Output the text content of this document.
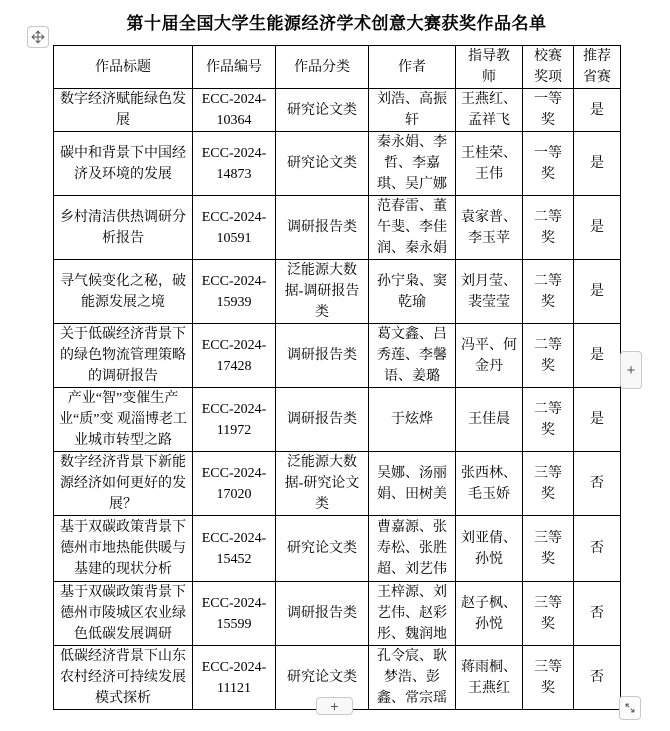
第十届全国大学生能源经济学术创意大赛获奖作品名单
作品标题	作品编号	作品分类	作者	指导教师	校赛奖项	推荐省赛
数字经济赋能绿色发展	ECC-2024-10364	研究论文类	刘浩、高振轩	王燕红、孟祥飞	一等奖	是
碳中和背景下中国经济及环境的发展	ECC-2024-14873	研究论文类	秦永娟、李哲、李嘉琪、吴广娜	王桂荣、王伟	一等奖	是
乡村清洁供热调研分析报告	ECC-2024-10591	调研报告类	范春雷、董午斐、李佳润、秦永娟	袁家普、李玉苹	二等奖	是
寻气候变化之秘，破能源发展之境	ECC-2024-15939	泛能源大数据-调研报告类	孙宁枭、窦乾瑜	刘月莹、裴莹莹	二等奖	是
关于低碳经济背景下的绿色物流管理策略的调研报告	ECC-2024-17428	调研报告类	葛文鑫、吕秀莲、李馨语、姜璐	冯平、何金丹	二等奖	是
产业“智”变催生产业“质”变 观淄博老工业城市转型之路	ECC-2024-11972	调研报告类	于炫烨	王佳晨	二等奖	是
数字经济背景下新能源经济如何更好的发展？	ECC-2024-17020	泛能源大数据-研究论文类	吴娜、汤丽娟、田树美	张西林、毛玉娇	三等奖	否
基于双碳政策背景下德州市地热能供暖与基建的现状分析	ECC-2024-15452	研究论文类	曹嘉源、张寿松、张胜超、刘艺伟	刘亚倩、孙悦	三等奖	否
基于双碳政策背景下德州市陵城区农业绿色低碳发展调研	ECC-2024-15599	调研报告类	王梓源、刘艺伟、赵彩彤、魏润地	赵子枫、孙悦	三等奖	否
低碳经济背景下山东农村经济可持续发展模式探析	ECC-2024-11121	研究论文类	孔令宸、耿梦浩、彭鑫、常宗瑶	蒋雨桐、王燕红	三等奖	否
+
+
